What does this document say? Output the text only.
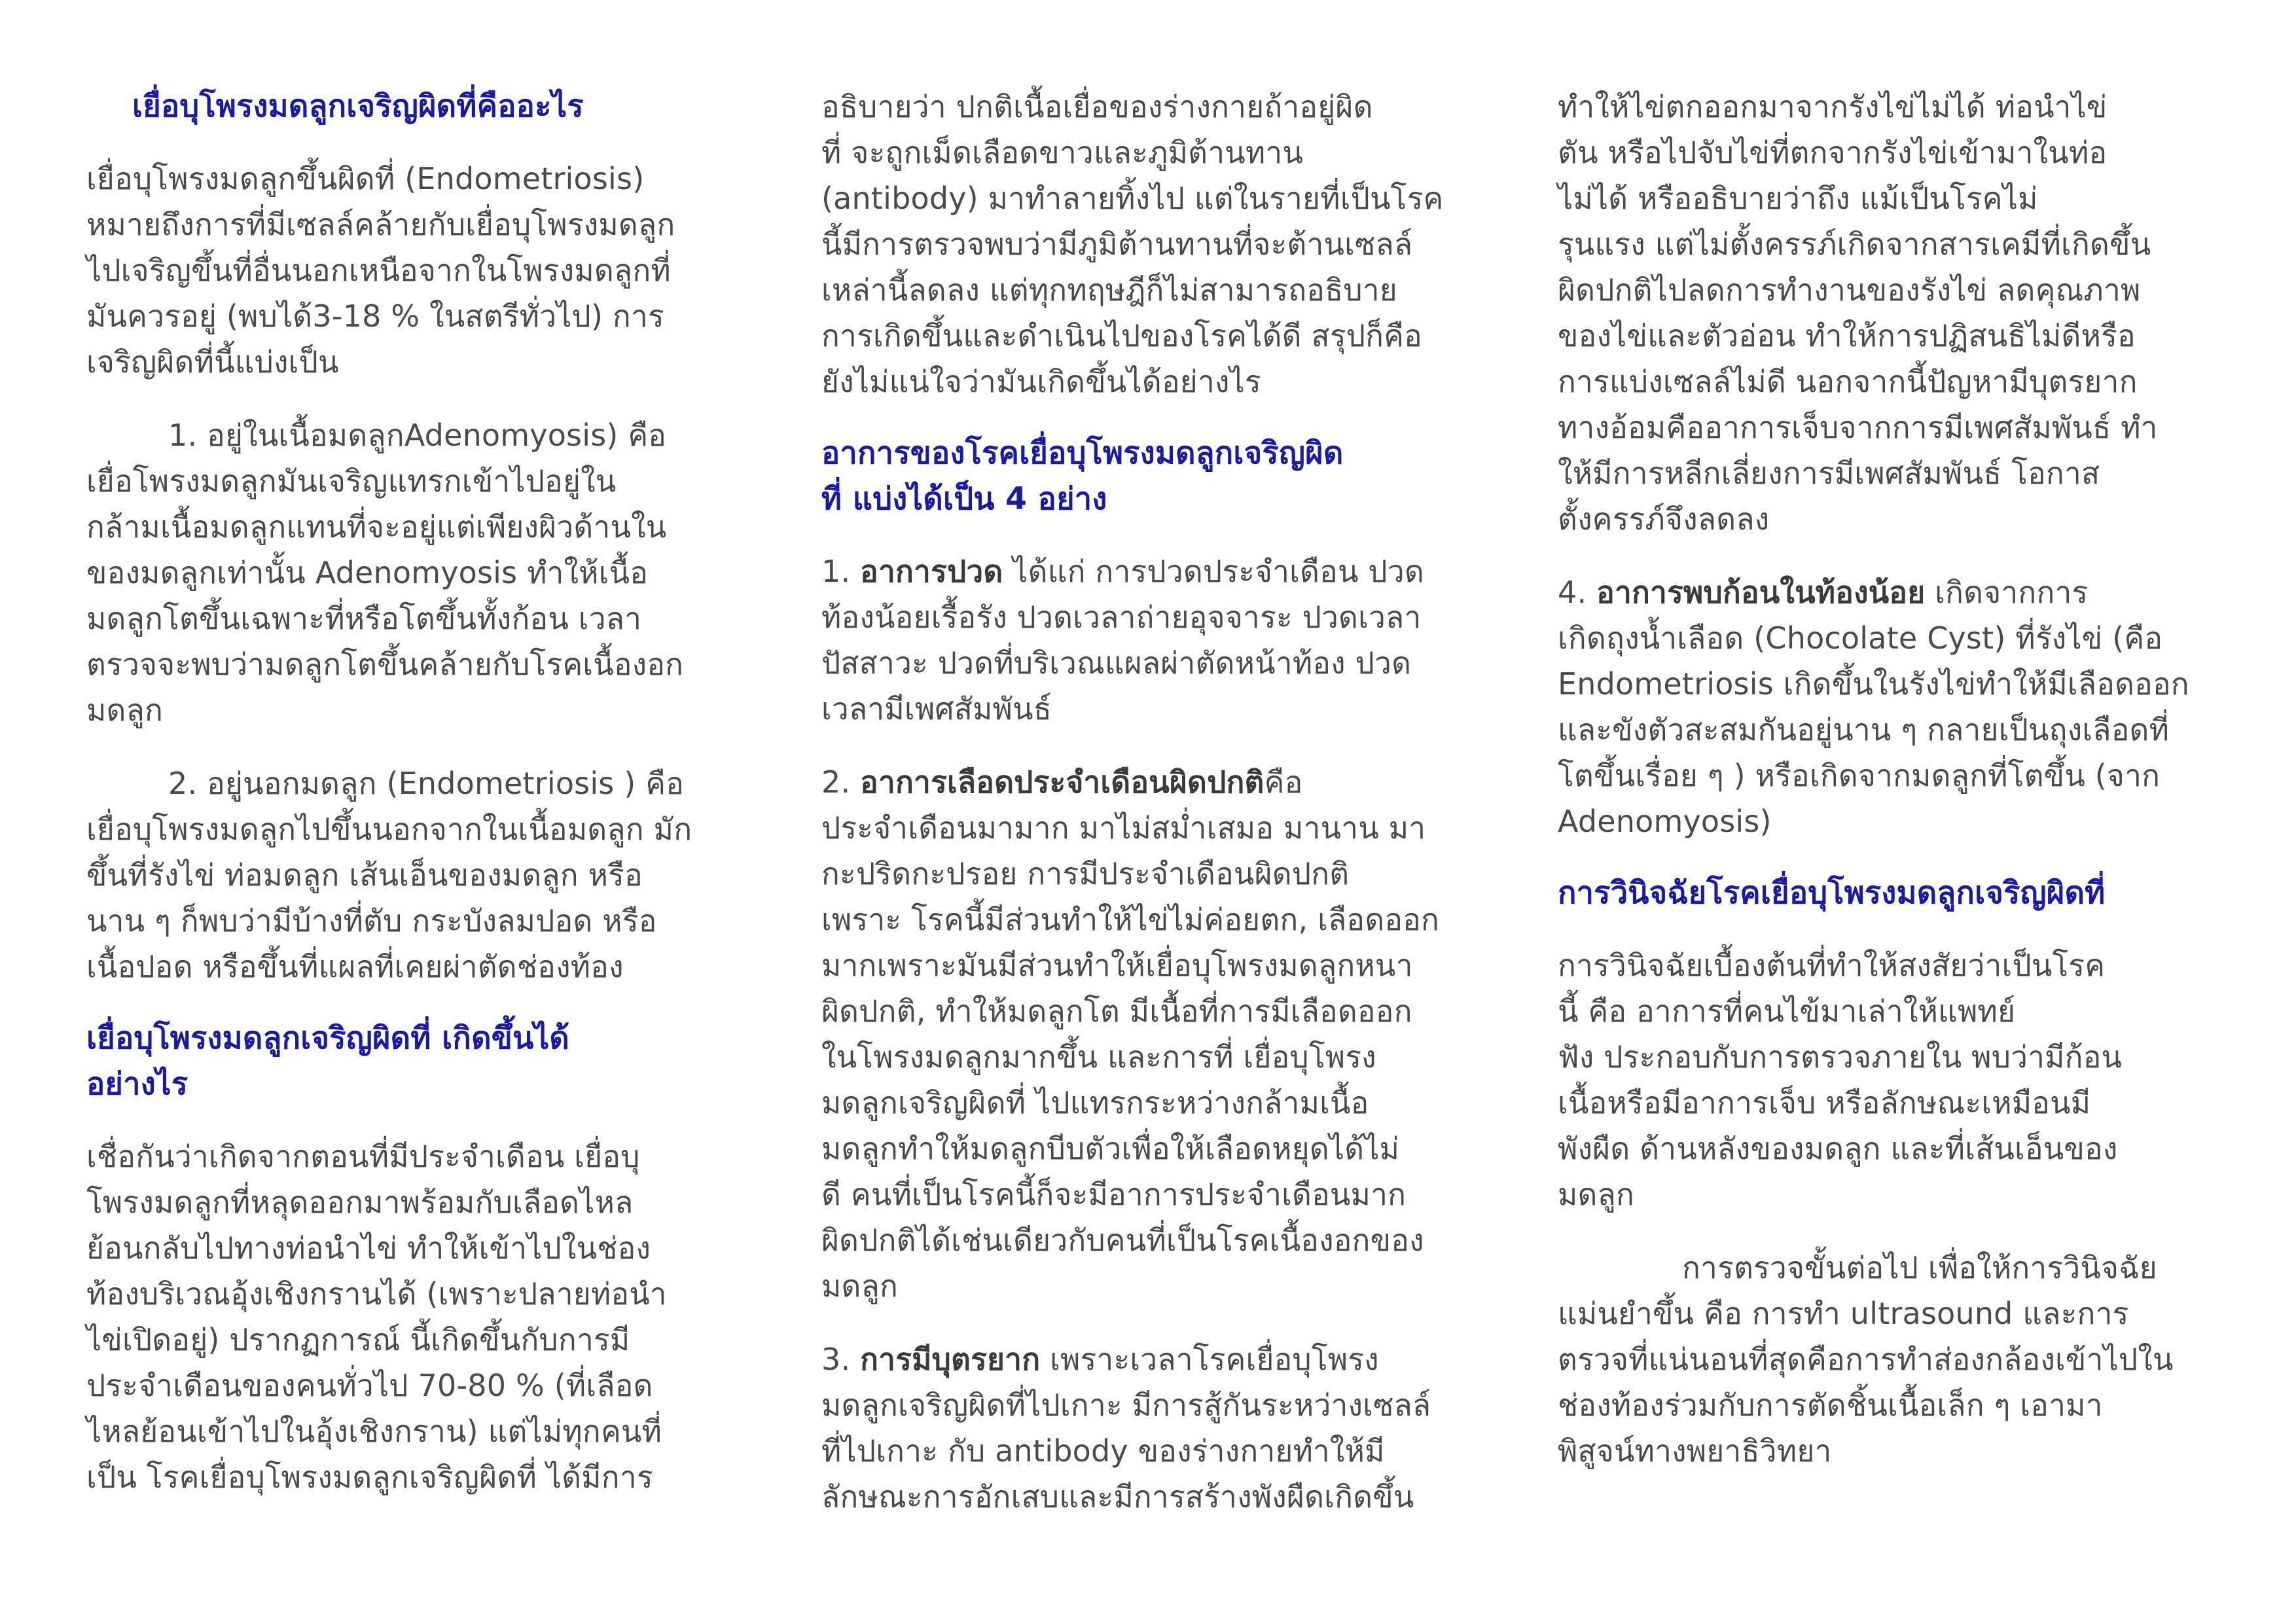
เยื่อบุโพรงมดลูกเจริญผิดที่คืออะไร

เยื่อบุโพรงมดลูกขึ้นผิดที่ (Endometriosis)
หมายถึงการที่มีเซลล์คล้ายกับเยื่อบุโพรงมดลูก
ไปเจริญขึ้นที่อื่นนอกเหนือจากในโพรงมดลูกที่
มันควรอยู่ (พบได้3-18 % ในสตรีทั่วไป) การ
เจริญผิดที่นี้แบ่งเป็น

1. อยู่ในเนื้อมดลูกAdenomyosis) คือ
เยื่อโพรงมดลูกมันเจริญแทรกเข้าไปอยู่ใน
กล้ามเนื้อมดลูกแทนที่จะอยู่แต่เพียงผิวด้านใน
ของมดลูกเท่านั้น Adenomyosis ทำให้เนื้อ
มดลูกโตขึ้นเฉพาะที่หรือโตขึ้นทั้งก้อน เวลา
ตรวจจะพบว่ามดลูกโตขึ้นคล้ายกับโรคเนื้องอก
มดลูก

2. อยู่นอกมดลูก (Endometriosis ) คือ
เยื่อบุโพรงมดลูกไปขึ้นนอกจากในเนื้อมดลูก มัก
ขึ้นที่รังไข่ ท่อมดลูก เส้นเอ็นของมดลูก หรือ
นาน ๆ ก็พบว่ามีบ้างที่ตับ กระบังลมปอด หรือ
เนื้อปอด หรือขึ้นที่แผลที่เคยผ่าตัดช่องท้อง

เยื่อบุโพรงมดลูกเจริญผิดที่ เกิดขึ้นได้
อย่างไร

เชื่อกันว่าเกิดจากตอนที่มีประจำเดือน เยื่อบุ
โพรงมดลูกที่หลุดออกมาพร้อมกับเลือดไหล
ย้อนกลับไปทางท่อนำไข่ ทำให้เข้าไปในช่อง
ท้องบริเวณอุ้งเชิงกรานได้ (เพราะปลายท่อนำ
ไข่เปิดอยู่) ปรากฏการณ์ นี้เกิดขึ้นกับการมี
ประจำเดือนของคนทั่วไป 70-80 % (ที่เลือด
ไหลย้อนเข้าไปในอุ้งเชิงกราน) แต่ไม่ทุกคนที่
เป็น โรคเยื่อบุโพรงมดลูกเจริญผิดที่ ได้มีการ

อธิบายว่า ปกติเนื้อเยื่อของร่างกายถ้าอยู่ผิด
ที่ จะถูกเม็ดเลือดขาวและภูมิต้านทาน
(antibody) มาทำลายทิ้งไป แต่ในรายที่เป็นโรค
นี้มีการตรวจพบว่ามีภูมิต้านทานที่จะต้านเซลล์
เหล่านี้ลดลง แต่ทุกทฤษฎีก็ไม่สามารถอธิบาย
การเกิดขึ้นและดำเนินไปของโรคได้ดี สรุปก็คือ
ยังไม่แน่ใจว่ามันเกิดขึ้นได้อย่างไร

อาการของโรคเยื่อบุโพรงมดลูกเจริญผิด
ที่ แบ่งได้เป็น 4 อย่าง

1. อาการปวด ได้แก่ การปวดประจำเดือน ปวด
ท้องน้อยเรื้อรัง ปวดเวลาถ่ายอุจจาระ ปวดเวลา
ปัสสาวะ ปวดที่บริเวณแผลผ่าตัดหน้าท้อง ปวด
เวลามีเพศสัมพันธ์

2. อาการเลือดประจำเดือนผิดปกติคือ
ประจำเดือนมามาก มาไม่สม่ำเสมอ มานาน มา
กะปริดกะปรอย การมีประจำเดือนผิดปกติ
เพราะ โรคนี้มีส่วนทำให้ไข่ไม่ค่อยตก, เลือดออก
มากเพราะมันมีส่วนทำให้เยื่อบุโพรงมดลูกหนา
ผิดปกติ, ทำให้มดลูกโต มีเนื้อที่การมีเลือดออก
ในโพรงมดลูกมากขึ้น และการที่ เยื่อบุโพรง
มดลูกเจริญผิดที่ ไปแทรกระหว่างกล้ามเนื้อ
มดลูกทำให้มดลูกบีบตัวเพื่อให้เลือดหยุดได้ไม่
ดี คนที่เป็นโรคนี้ก็จะมีอาการประจำเดือนมาก
ผิดปกติได้เช่นเดียวกับคนที่เป็นโรคเนื้องอกของ
มดลูก

3. การมีบุตรยาก เพราะเวลาโรคเยื่อบุโพรง
มดลูกเจริญผิดที่ไปเกาะ มีการสู้กันระหว่างเซลล์
ที่ไปเกาะ กับ antibody ของร่างกายทำให้มี
ลักษณะการอักเสบและมีการสร้างพังผืดเกิดขึ้น

ทำให้ไข่ตกออกมาจากรังไข่ไม่ได้ ท่อนำไข่
ตัน หรือไปจับไข่ที่ตกจากรังไข่เข้ามาในท่อ
ไม่ได้ หรืออธิบายว่าถึง แม้เป็นโรคไม่
รุนแรง แต่ไม่ตั้งครรภ์เกิดจากสารเคมีที่เกิดขึ้น
ผิดปกติไปลดการทำงานของรังไข่ ลดคุณภาพ
ของไข่และตัวอ่อน ทำให้การปฏิสนธิไม่ดีหรือ
การแบ่งเซลล์ไม่ดี นอกจากนี้ปัญหามีบุตรยาก
ทางอ้อมคืออาการเจ็บจากการมีเพศสัมพันธ์ ทำ
ให้มีการหลีกเลี่ยงการมีเพศสัมพันธ์ โอกาส
ตั้งครรภ์จึงลดลง

4. อาการพบก้อนในท้องน้อย เกิดจากการ
เกิดถุงน้ำเลือด (Chocolate Cyst) ที่รังไข่ (คือ
Endometriosis เกิดขึ้นในรังไข่ทำให้มีเลือดออก
และขังตัวสะสมกันอยู่นาน ๆ กลายเป็นถุงเลือดที่
โตขึ้นเรื่อย ๆ ) หรือเกิดจากมดลูกที่โตขึ้น (จาก
Adenomyosis)

การวินิจฉัยโรคเยื่อบุโพรงมดลูกเจริญผิดที่

การวินิจฉัยเบื้องต้นที่ทำให้สงสัยว่าเป็นโรค
นี้ คือ อาการที่คนไข้มาเล่าให้แพทย์
ฟัง ประกอบกับการตรวจภายใน พบว่ามีก้อน
เนื้อหรือมีอาการเจ็บ หรือลักษณะเหมือนมี
พังผืด ด้านหลังของมดลูก และที่เส้นเอ็นของ
มดลูก

การตรวจขั้นต่อไป เพื่อให้การวินิจฉัย
แม่นยำขึ้น คือ การทำ ultrasound และการ
ตรวจที่แน่นอนที่สุดคือการทำส่องกล้องเข้าไปใน
ช่องท้องร่วมกับการตัดชิ้นเนื้อเล็ก ๆ เอามา
พิสูจน์ทางพยาธิวิทยา
